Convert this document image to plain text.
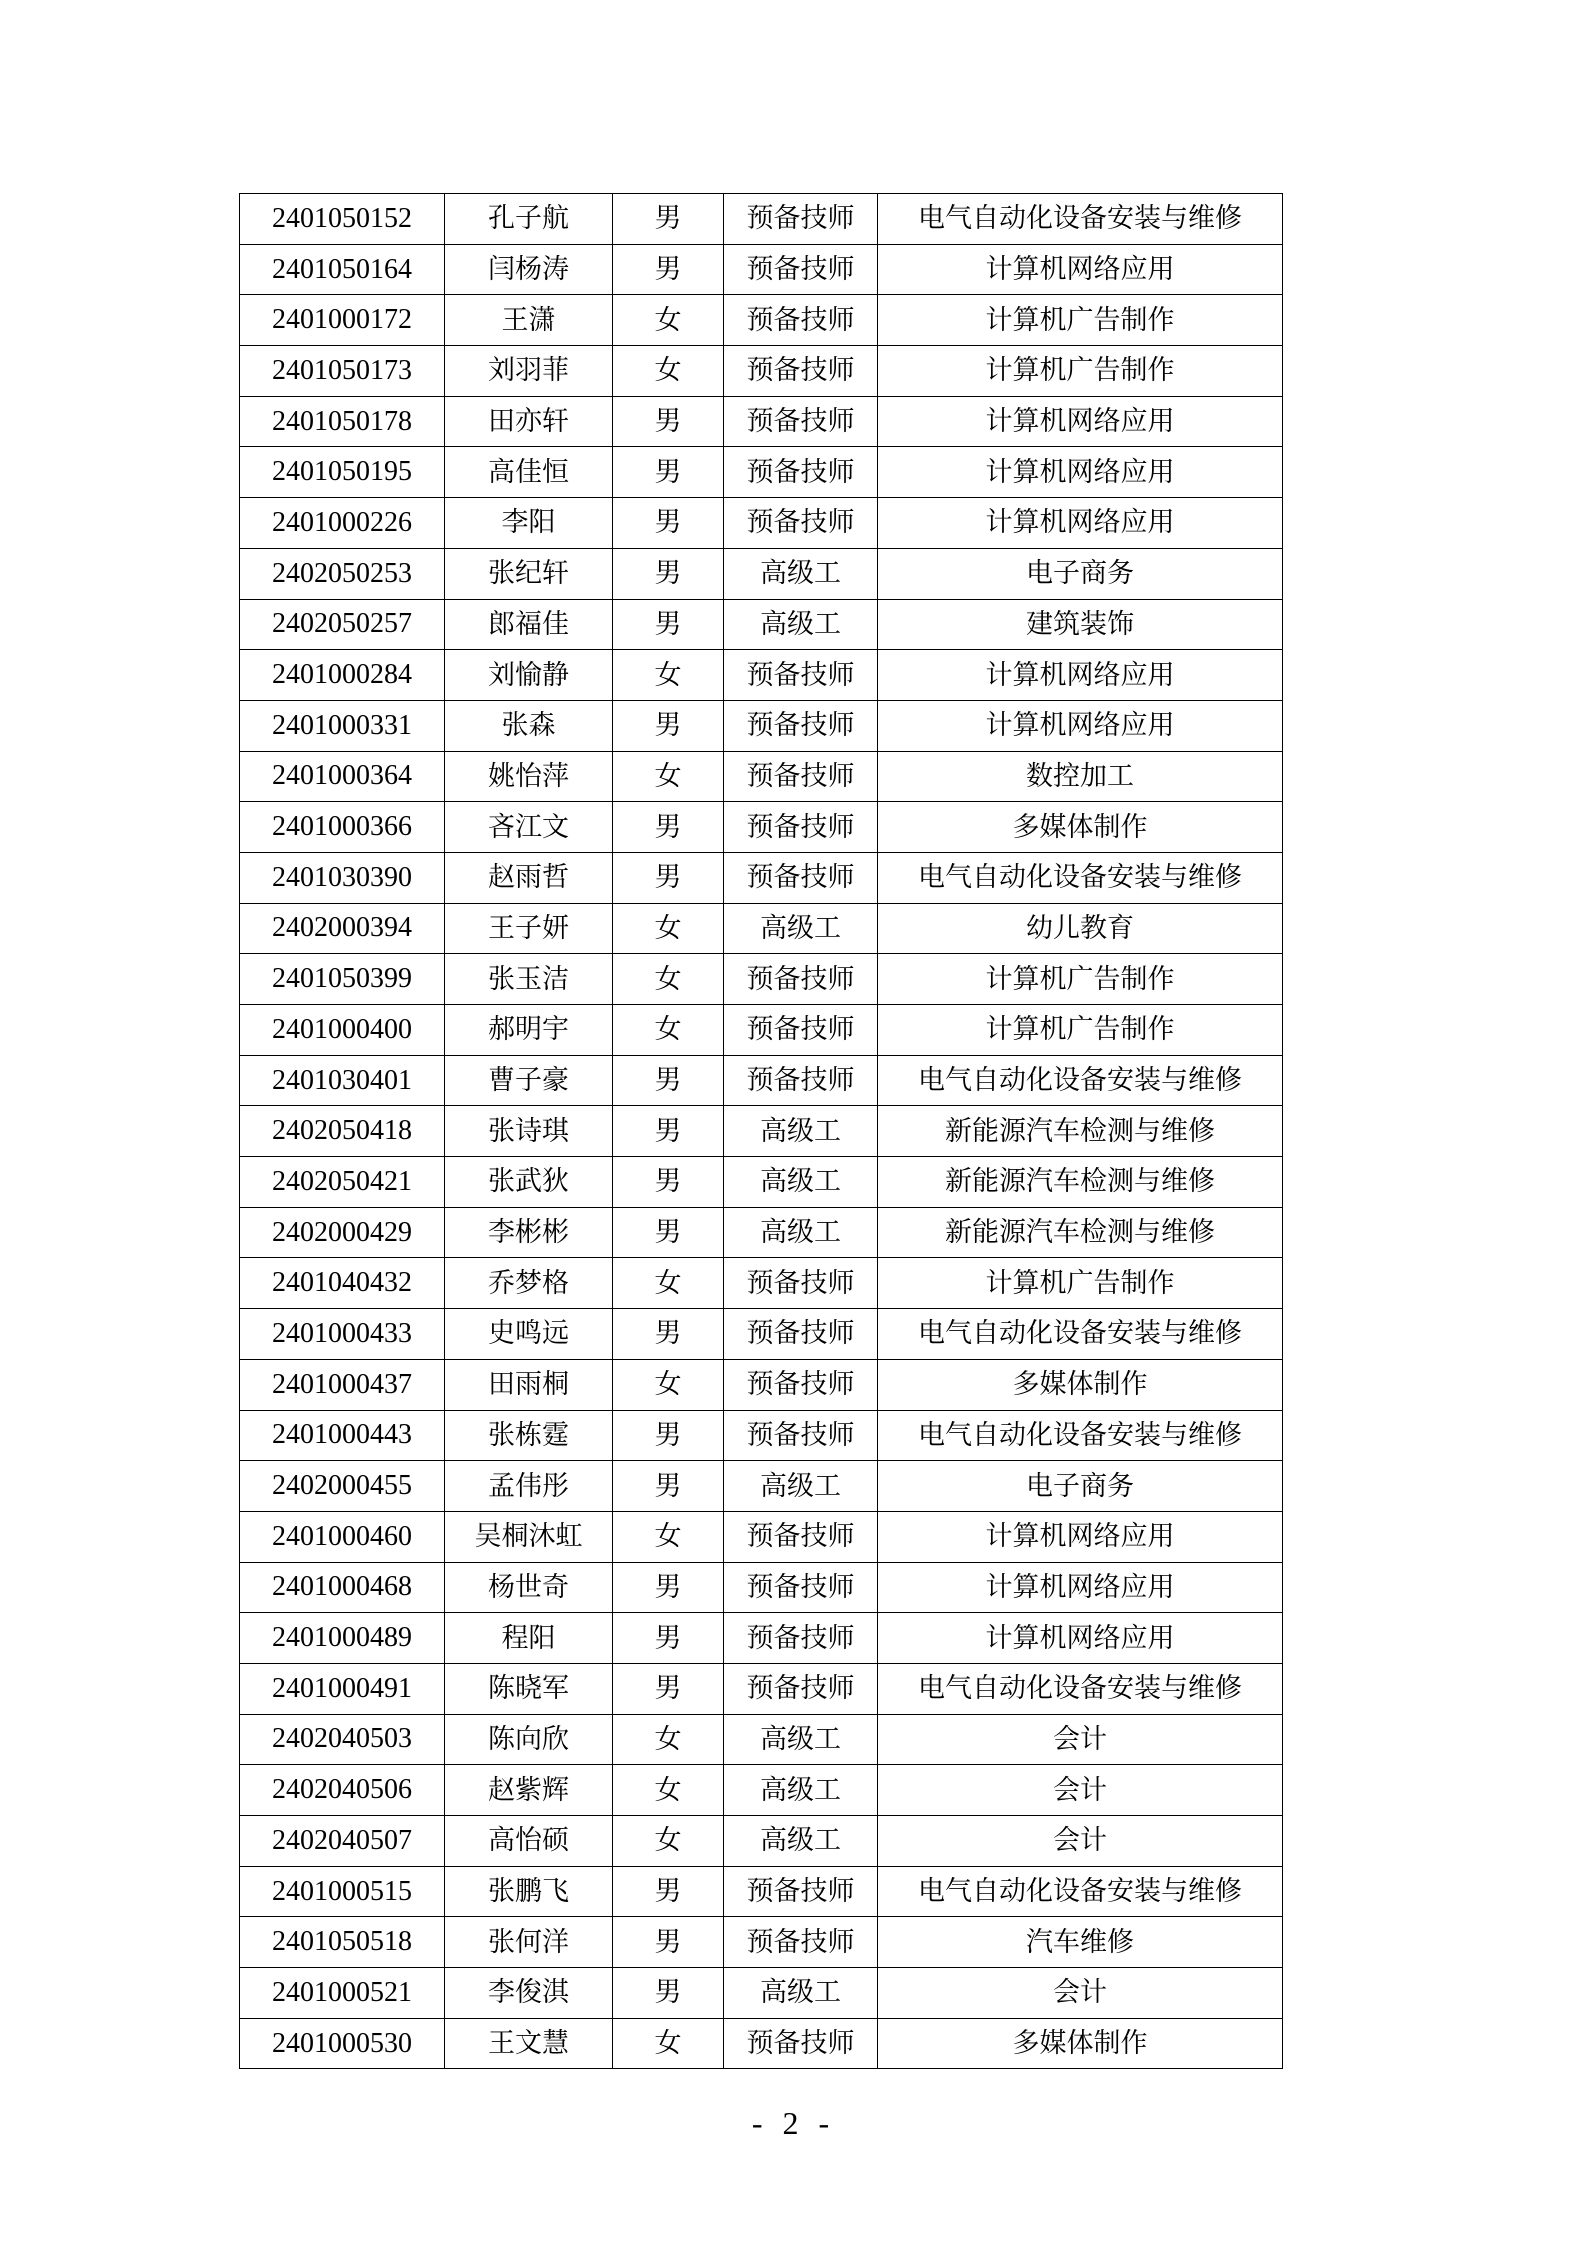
2401050152	孔子航	男	预备技师	电气自动化设备安装与维修
2401050164	闫杨涛	男	预备技师	计算机网络应用
2401000172	王潇	女	预备技师	计算机广告制作
2401050173	刘羽菲	女	预备技师	计算机广告制作
2401050178	田亦轩	男	预备技师	计算机网络应用
2401050195	高佳恒	男	预备技师	计算机网络应用
2401000226	李阳	男	预备技师	计算机网络应用
2402050253	张纪轩	男	高级工	电子商务
2402050257	郎福佳	男	高级工	建筑装饰
2401000284	刘愉静	女	预备技师	计算机网络应用
2401000331	张森	男	预备技师	计算机网络应用
2401000364	姚怡萍	女	预备技师	数控加工
2401000366	吝江文	男	预备技师	多媒体制作
2401030390	赵雨哲	男	预备技师	电气自动化设备安装与维修
2402000394	王子妍	女	高级工	幼儿教育
2401050399	张玉洁	女	预备技师	计算机广告制作
2401000400	郝明宇	女	预备技师	计算机广告制作
2401030401	曹子豪	男	预备技师	电气自动化设备安装与维修
2402050418	张诗琪	男	高级工	新能源汽车检测与维修
2402050421	张武狄	男	高级工	新能源汽车检测与维修
2402000429	李彬彬	男	高级工	新能源汽车检测与维修
2401040432	乔梦格	女	预备技师	计算机广告制作
2401000433	史鸣远	男	预备技师	电气自动化设备安装与维修
2401000437	田雨桐	女	预备技师	多媒体制作
2401000443	张栋霆	男	预备技师	电气自动化设备安装与维修
2402000455	孟伟彤	男	高级工	电子商务
2401000460	吴桐沐虹	女	预备技师	计算机网络应用
2401000468	杨世奇	男	预备技师	计算机网络应用
2401000489	程阳	男	预备技师	计算机网络应用
2401000491	陈晓军	男	预备技师	电气自动化设备安装与维修
2402040503	陈向欣	女	高级工	会计
2402040506	赵紫辉	女	高级工	会计
2402040507	高怡硕	女	高级工	会计
2401000515	张鹏飞	男	预备技师	电气自动化设备安装与维修
2401050518	张何洋	男	预备技师	汽车维修
2401000521	李俊淇	男	高级工	会计
2401000530	王文慧	女	预备技师	多媒体制作
- 2 -
